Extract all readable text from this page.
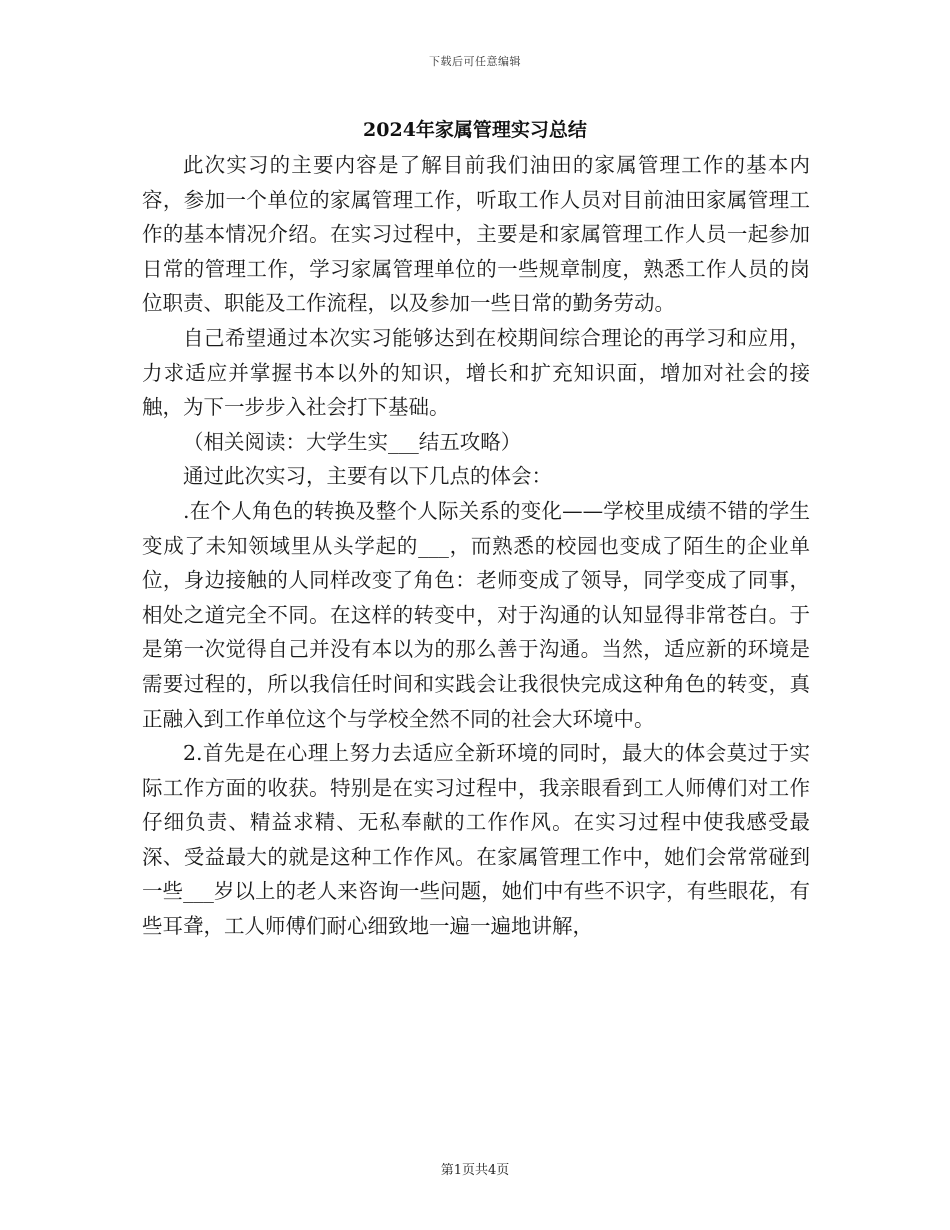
下载后可任意编辑
2024年家属管理实习总结

此次实习的主要内容是了解目前我们油田的家属管理工作的基本内容，参加一个单位的家属管理工作，听取工作人员对目前油田家属管理工作的基本情况介绍。在实习过程中，主要是和家属管理工作人员一起参加日常的管理工作，学习家属管理单位的一些规章制度，熟悉工作人员的岗位职责、职能及工作流程，以及参加一些日常的勤务劳动。

自己希望通过本次实习能够达到在校期间综合理论的再学习和应用，力求适应并掌握书本以外的知识，增长和扩充知识面，增加对社会的接触，为下一步步入社会打下基础。

（相关阅读：大学生实___结五攻略）

通过此次实习，主要有以下几点的体会：

.在个人角色的转换及整个人际关系的变化——学校里成绩不错的学生变成了未知领域里从头学起的___，而熟悉的校园也变成了陌生的企业单位，身边接触的人同样改变了角色：老师变成了领导，同学变成了同事，相处之道完全不同。在这样的转变中，对于沟通的认知显得非常苍白。于是第一次觉得自己并没有本以为的那么善于沟通。当然，适应新的环境是需要过程的，所以我信任时间和实践会让我很快完成这种角色的转变，真正融入到工作单位这个与学校全然不同的社会大环境中。

2.首先是在心理上努力去适应全新环境的同时，最大的体会莫过于实际工作方面的收获。特别是在实习过程中，我亲眼看到工人师傅们对工作仔细负责、精益求精、无私奉献的工作作风。在实习过程中使我感受最深、受益最大的就是这种工作作风。在家属管理工作中，她们会常常碰到一些___岁以上的老人来咨询一些问题，她们中有些不识字，有些眼花，有些耳聋，工人师傅们耐心细致地一遍一遍地讲解，

第1页共4页
